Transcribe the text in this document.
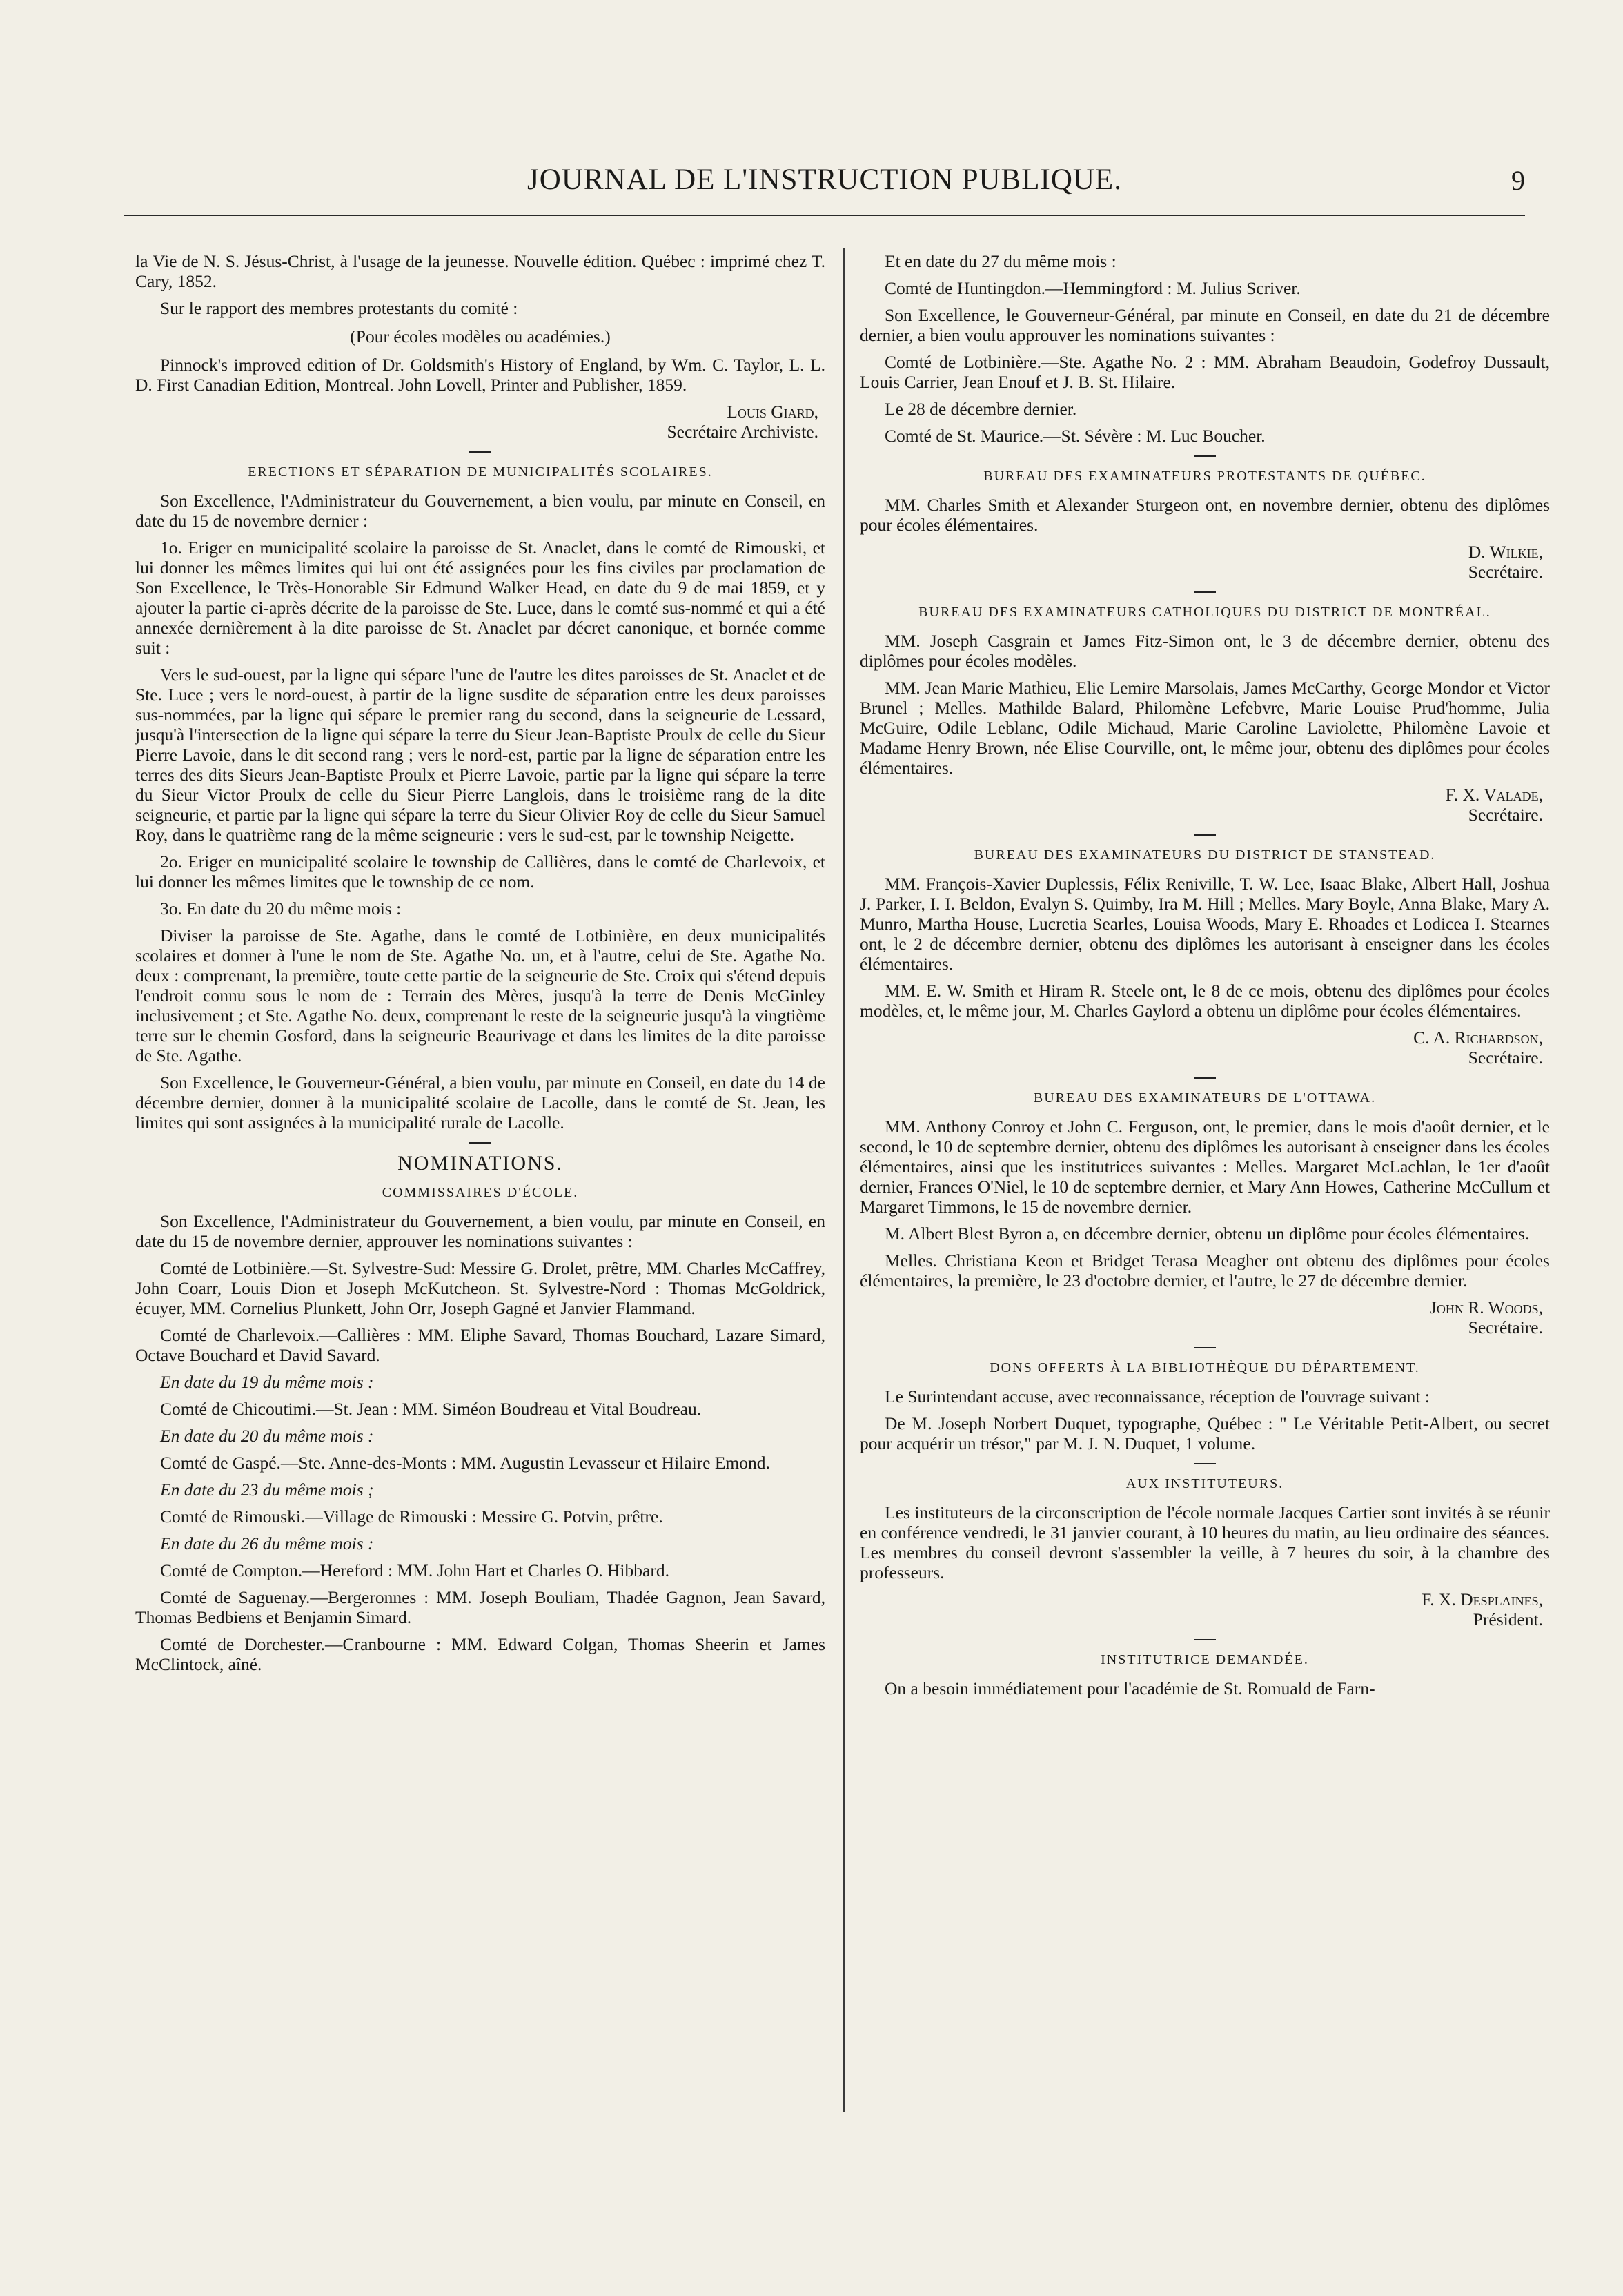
JOURNAL DE L'INSTRUCTION PUBLIQUE.	9

la Vie de N. S. Jésus-Christ, à l'usage de la jeunesse. Nouvelle édition. Québec : imprimé chez T. Cary, 1852.

Sur le rapport des membres protestants du comité :

(Pour écoles modèles ou académies.)

Pinnock's improved edition of Dr. Goldsmith's History of England, by Wm. C. Taylor, L. L. D. First Canadian Edition, Montreal. John Lovell, Printer and Publisher, 1859.

Louis Giard,
Secrétaire Archiviste.
ERECTIONS ET SÉPARATION DE MUNICIPALITÉS SCOLAIRES.

Son Excellence, l'Administrateur du Gouvernement, a bien voulu, par minute en Conseil, en date du 15 de novembre dernier :

1o. Eriger en municipalité scolaire la paroisse de St. Anaclet, dans le comté de Rimouski, et lui donner les mêmes limites qui lui ont été assignées pour les fins civiles par proclamation de Son Excellence, le Très-Honorable Sir Edmund Walker Head, en date du 9 de mai 1859, et y ajouter la partie ci-après décrite de la paroisse de Ste. Luce, dans le comté sus-nommé et qui a été annexée dernièrement à la dite paroisse de St. Anaclet par décret canonique, et bornée comme suit :

Vers le sud-ouest, par la ligne qui sépare l'une de l'autre les dites paroisses de St. Anaclet et de Ste. Luce ; vers le nord-ouest, à partir de la ligne susdite de séparation entre les deux paroisses sus-nommées, par la ligne qui sépare le premier rang du second, dans la seigneurie de Lessard, jusqu'à l'intersection de la ligne qui sépare la terre du Sieur Jean-Baptiste Proulx de celle du Sieur Pierre Lavoie, dans le dit second rang ; vers le nord-est, partie par la ligne de séparation entre les terres des dits Sieurs Jean-Baptiste Proulx et Pierre Lavoie, partie par la ligne qui sépare la terre du Sieur Victor Proulx de celle du Sieur Pierre Langlois, dans le troisième rang de la dite seigneurie, et partie par la ligne qui sépare la terre du Sieur Olivier Roy de celle du Sieur Samuel Roy, dans le quatrième rang de la même seigneurie : vers le sud-est, par le township Neigette.

2o. Eriger en municipalité scolaire le township de Callières, dans le comté de Charlevoix, et lui donner les mêmes limites que le township de ce nom.

3o. En date du 20 du même mois :

Diviser la paroisse de Ste. Agathe, dans le comté de Lotbinière, en deux municipalités scolaires et donner à l'une le nom de Ste. Agathe No. un, et à l'autre, celui de Ste. Agathe No. deux : comprenant, la première, toute cette partie de la seigneurie de Ste. Croix qui s'étend depuis l'endroit connu sous le nom de : Terrain des Mères, jusqu'à la terre de Denis McGinley inclusivement ; et Ste. Agathe No. deux, comprenant le reste de la seigneurie jusqu'à la vingtième terre sur le chemin Gosford, dans la seigneurie Beaurivage et dans les limites de la dite paroisse de Ste. Agathe.

Son Excellence, le Gouverneur-Général, a bien voulu, par minute en Conseil, en date du 14 de décembre dernier, donner à la municipalité scolaire de Lacolle, dans le comté de St. Jean, les limites qui sont assignées à la municipalité rurale de Lacolle.

NOMINATIONS.
COMMISSAIRES D'ÉCOLE.

Son Excellence, l'Administrateur du Gouvernement, a bien voulu, par minute en Conseil, en date du 15 de novembre dernier, approuver les nominations suivantes :

Comté de Lotbinière.—St. Sylvestre-Sud: Messire G. Drolet, prêtre, MM. Charles McCaffrey, John Coarr, Louis Dion et Joseph McKutcheon. St. Sylvestre-Nord : Thomas McGoldrick, écuyer, MM. Cornelius Plunkett, John Orr, Joseph Gagné et Janvier Flammand.

Comté de Charlevoix.—Callières : MM. Eliphe Savard, Thomas Bouchard, Lazare Simard, Octave Bouchard et David Savard.

En date du 19 du même mois :

Comté de Chicoutimi.—St. Jean : MM. Siméon Boudreau et Vital Boudreau.

En date du 20 du même mois :

Comté de Gaspé.—Ste. Anne-des-Monts : MM. Augustin Levasseur et Hilaire Emond.

En date du 23 du même mois ;

Comté de Rimouski.—Village de Rimouski : Messire G. Potvin, prêtre.

En date du 26 du même mois :

Comté de Compton.—Hereford : MM. John Hart et Charles O. Hibbard.

Comté de Saguenay.—Bergeronnes : MM. Joseph Bouliam, Thadée Gagnon, Jean Savard, Thomas Bedbiens et Benjamin Simard.

Comté de Dorchester.—Cranbourne : MM. Edward Colgan, Thomas Sheerin et James McClintock, aîné.

Et en date du 27 du même mois :

Comté de Huntingdon.—Hemmingford : M. Julius Scriver.

Son Excellence, le Gouverneur-Général, par minute en Conseil, en date du 21 de décembre dernier, a bien voulu approuver les nominations suivantes :

Comté de Lotbinière.—Ste. Agathe No. 2 : MM. Abraham Beaudoin, Godefroy Dussault, Louis Carrier, Jean Enouf et J. B. St. Hilaire.

Le 28 de décembre dernier.

Comté de St. Maurice.—St. Sévère : M. Luc Boucher.

BUREAU DES EXAMINATEURS PROTESTANTS DE QUÉBEC.

MM. Charles Smith et Alexander Sturgeon ont, en novembre dernier, obtenu des diplômes pour écoles élémentaires.

D. Wilkie,
Secrétaire.
BUREAU DES EXAMINATEURS CATHOLIQUES DU DISTRICT DE MONTRÉAL.

MM. Joseph Casgrain et James Fitz-Simon ont, le 3 de décembre dernier, obtenu des diplômes pour écoles modèles.

MM. Jean Marie Mathieu, Elie Lemire Marsolais, James McCarthy, George Mondor et Victor Brunel ; Melles. Mathilde Balard, Philomène Lefebvre, Marie Louise Prud'homme, Julia McGuire, Odile Leblanc, Odile Michaud, Marie Caroline Laviolette, Philomène Lavoie et Madame Henry Brown, née Elise Courville, ont, le même jour, obtenu des diplômes pour écoles élémentaires.

F. X. Valade,
Secrétaire.
BUREAU DES EXAMINATEURS DU DISTRICT DE STANSTEAD.

MM. François-Xavier Duplessis, Félix Reniville, T. W. Lee, Isaac Blake, Albert Hall, Joshua J. Parker, I. I. Beldon, Evalyn S. Quimby, Ira M. Hill ; Melles. Mary Boyle, Anna Blake, Mary A. Munro, Martha House, Lucretia Searles, Louisa Woods, Mary E. Rhoades et Lodicea I. Stearnes ont, le 2 de décembre dernier, obtenu des diplômes les autorisant à enseigner dans les écoles élémentaires.

MM. E. W. Smith et Hiram R. Steele ont, le 8 de ce mois, obtenu des diplômes pour écoles modèles, et, le même jour, M. Charles Gaylord a obtenu un diplôme pour écoles élémentaires.

C. A. Richardson,
Secrétaire.
BUREAU DES EXAMINATEURS DE L'OTTAWA.

MM. Anthony Conroy et John C. Ferguson, ont, le premier, dans le mois d'août dernier, et le second, le 10 de septembre dernier, obtenu des diplômes les autorisant à enseigner dans les écoles élémentaires, ainsi que les institutrices suivantes : Melles. Margaret McLachlan, le 1er d'août dernier, Frances O'Niel, le 10 de septembre dernier, et Mary Ann Howes, Catherine McCullum et Margaret Timmons, le 15 de novembre dernier.

M. Albert Blest Byron a, en décembre dernier, obtenu un diplôme pour écoles élémentaires.

Melles. Christiana Keon et Bridget Terasa Meagher ont obtenu des diplômes pour écoles élémentaires, la première, le 23 d'octobre dernier, et l'autre, le 27 de décembre dernier.

John R. Woods,
Secrétaire.
DONS OFFERTS À LA BIBLIOTHÈQUE DU DÉPARTEMENT.

Le Surintendant accuse, avec reconnaissance, réception de l'ouvrage suivant :

De M. Joseph Norbert Duquet, typographe, Québec : " Le Véritable Petit-Albert, ou secret pour acquérir un trésor," par M. J. N. Duquet, 1 volume.

AUX INSTITUTEURS.

Les instituteurs de la circonscription de l'école normale Jacques Cartier sont invités à se réunir en conférence vendredi, le 31 janvier courant, à 10 heures du matin, au lieu ordinaire des séances. Les membres du conseil devront s'assembler la veille, à 7 heures du soir, à la chambre des professeurs.

F. X. Desplaines,
Président.
INSTITUTRICE DEMANDÉE.

On a besoin immédiatement pour l'académie de St. Romuald de Farn-
